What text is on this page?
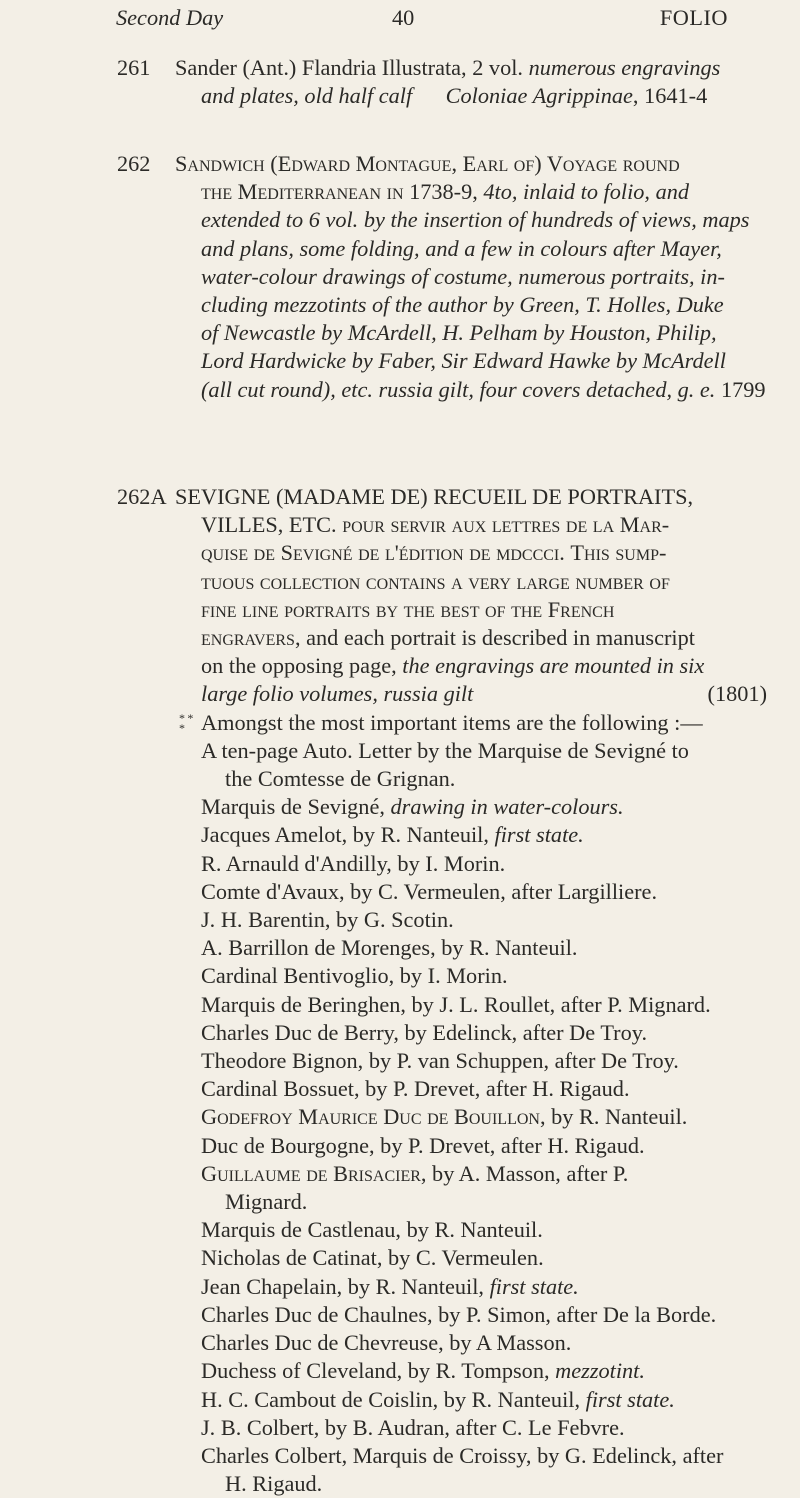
Second Day	40	FOLIO
261 Sander (Ant.) Flandria Illustrata, 2 vol. numerous engravings
and plates, old half calf Coloniae Agrippinae, 1641-4
262 Sandwich (Edward Montague, Earl of) Voyage round
the Mediterranean in 1738-9, 4to, inlaid to folio, and
extended to 6 vol. by the insertion of hundreds of views, maps
and plans, some folding, and a few in colours after Mayer,
water-colour drawings of costume, numerous portraits, in-
cluding mezzotints of the author by Green, T. Holles, Duke
of Newcastle by McArdell, H. Pelham by Houston, Philip,
Lord Hardwicke by Faber, Sir Edward Hawke by McArdell
(all cut round), etc. russia gilt, four covers detached, g. e. 1799
262A SEVIGNE (MADAME DE) RECUEIL DE PORTRAITS,
VILLES, ETC. pour servir aux lettres de la Mar-
quise de Sevigné de l'édition de mdcccі. This sump-
tuous collection contains a very large number of
fine line portraits by the best of the French
engravers, and each portrait is described in manuscript
on the opposing page, the engravings are mounted in six
large folio volumes, russia gilt	(1801)
* *
* Amongst the most important items are the following :—
A ten-page Auto. Letter by the Marquise de Sevigné to
the Comtesse de Grignan.
Marquis de Sevigné, drawing in water-colours.
Jacques Amelot, by R. Nanteuil, first state.
R. Arnauld d'Andilly, by I. Morin.
Comte d'Avaux, by C. Vermeulen, after Largilliere.
J. H. Barentin, by G. Scotin.
A. Barrillon de Morenges, by R. Nanteuil.
Cardinal Bentivoglio, by I. Morin.
Marquis de Beringhen, by J. L. Roullet, after P. Mignard.
Charles Duc de Berry, by Edelinck, after De Troy.
Theodore Bignon, by P. van Schuppen, after De Troy.
Cardinal Bossuet, by P. Drevet, after H. Rigaud.
Godefroy Maurice Duc de Bouillon, by R. Nanteuil.
Duc de Bourgogne, by P. Drevet, after H. Rigaud.
Guillaume de Brisacier, by A. Masson, after P.
Mignard.
Marquis de Castlenau, by R. Nanteuil.
Nicholas de Catinat, by C. Vermeulen.
Jean Chapelain, by R. Nanteuil, first state.
Charles Duc de Chaulnes, by P. Simon, after De la Borde.
Charles Duc de Chevreuse, by A Masson.
Duchess of Cleveland, by R. Tompson, mezzotint.
H. C. Cambout de Coislin, by R. Nanteuil, first state.
J. B. Colbert, by B. Audran, after C. Le Febvre.
Charles Colbert, Marquis de Croissy, by G. Edelinck, after
H. Rigaud.
